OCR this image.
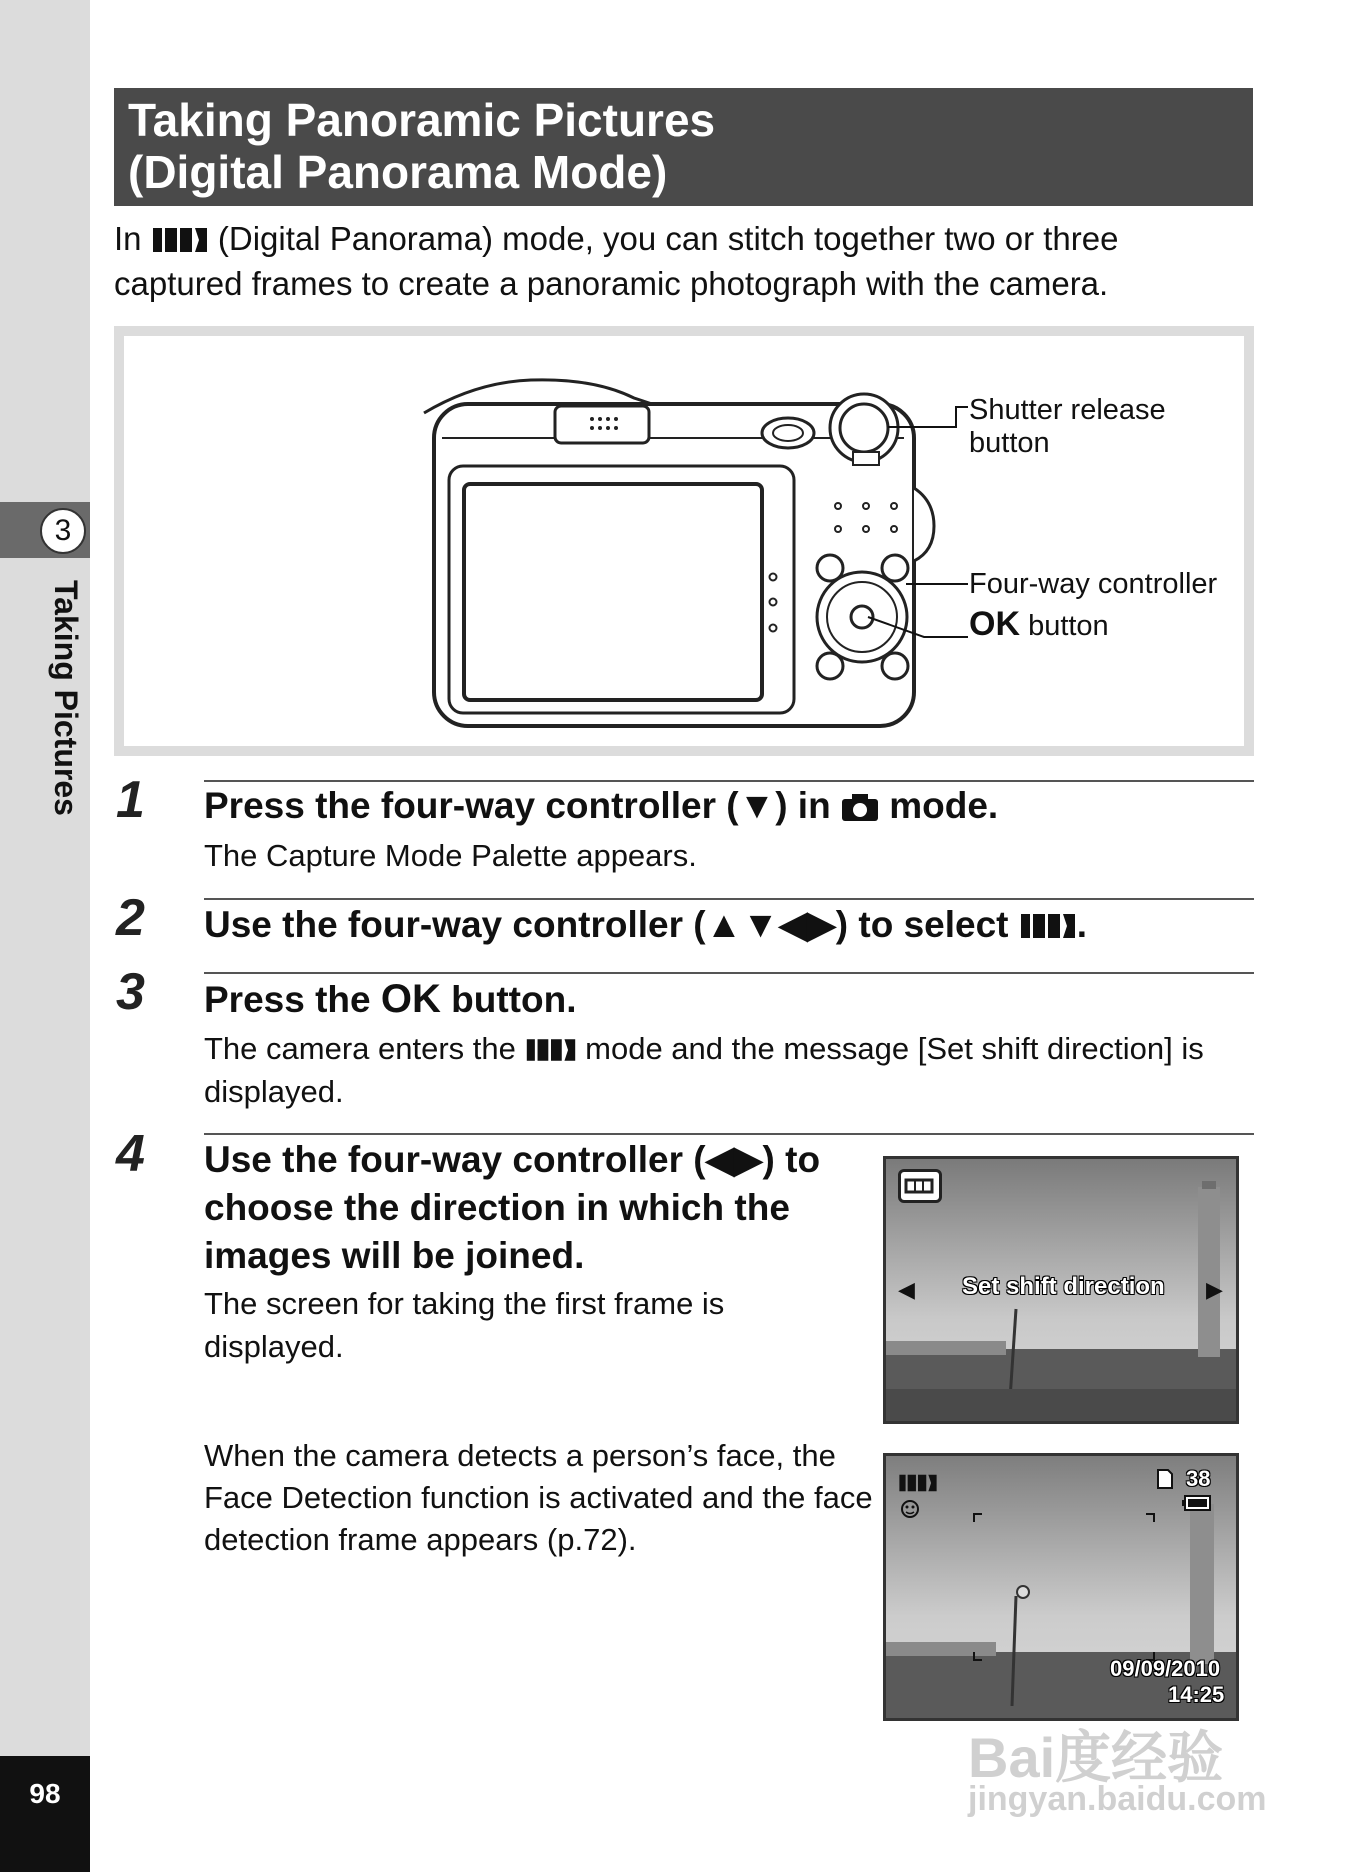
3
Taking Pictures
98
Taking Panoramic Pictures
(Digital Panorama Mode)
In (Digital Panorama) mode, you can stitch together two or three captured frames to create a panoramic photograph with the camera.
Shutter release button
Four-way controller
OK button
1 Press the four-way controller (▼) in mode.
The Capture Mode Palette appears.
2 Use the four-way controller (▲▼◀▶) to select .
3 Press the OK button.
The camera enters the mode and the message [Set shift direction] is displayed.
4 Use the four-way controller (◀▶) to choose the direction in which the images will be joined.
The screen for taking the first frame is displayed.
When the camera detects a person’s face, the Face Detection function is activated and the face detection frame appears (p.72).
◀ Set shift direction ▶
38
09/09/2010
14:25
Bai度经验
jingyan.baidu.com
